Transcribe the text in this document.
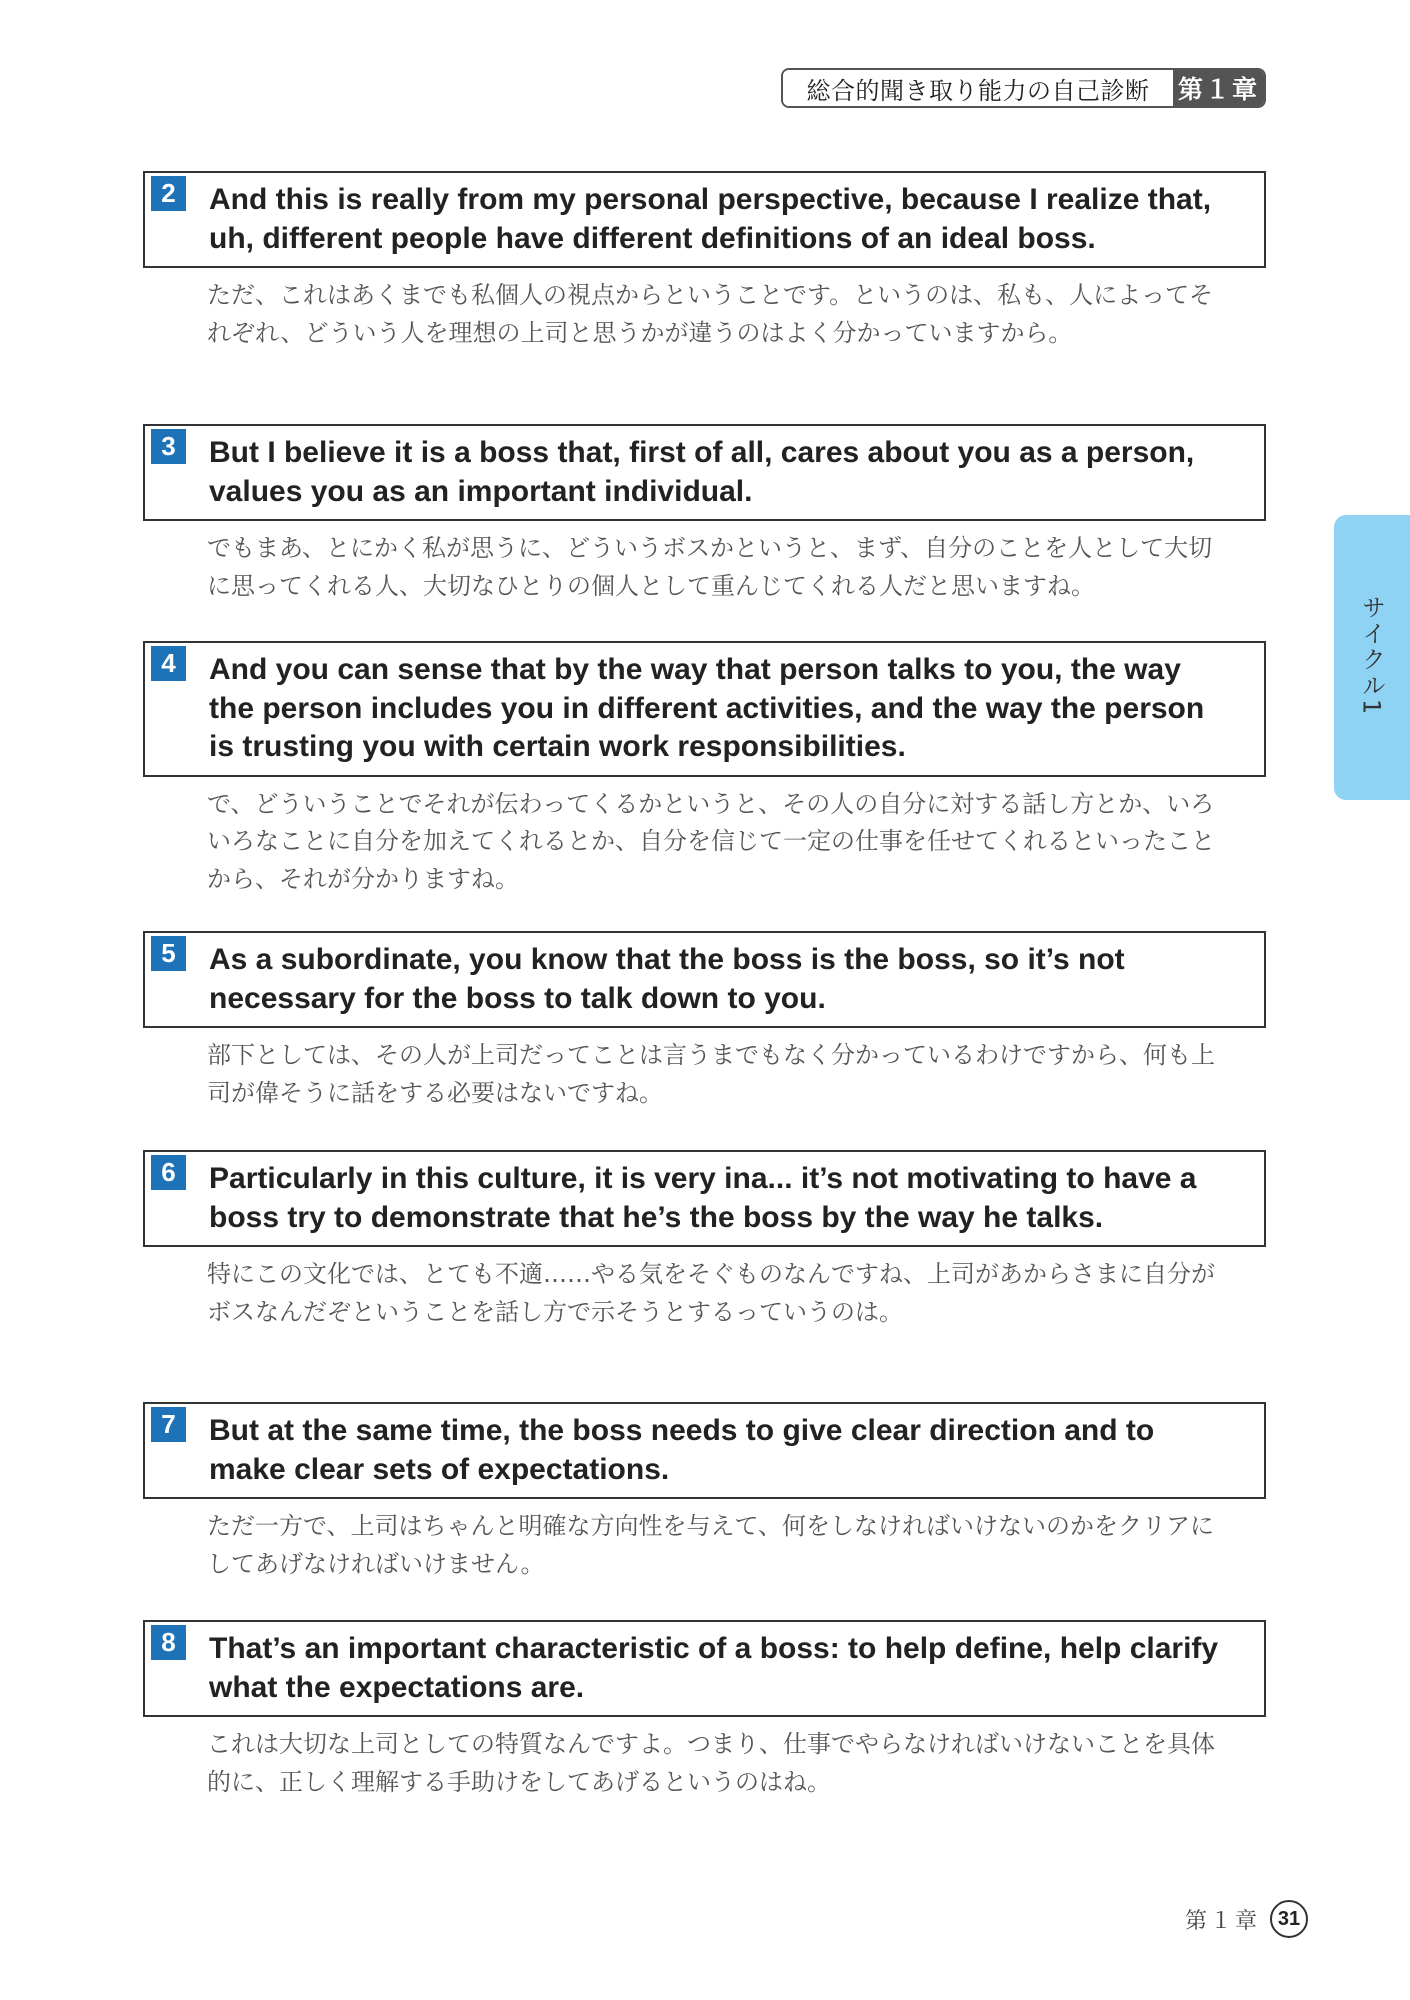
総合的聞き取り能力の自己診断	第１章
サイクル1
2	And this is really from my personal perspective, because I realize that, uh, different people have different definitions of an ideal boss.
ただ、これはあくまでも私個人の視点からということです。というのは、私も、人によってそれぞれ、どういう人を理想の上司と思うかが違うのはよく分かっていますから。
3	But I believe it is a boss that, first of all, cares about you as a person, values you as an important individual.
でもまあ、とにかく私が思うに、どういうボスかというと、まず、自分のことを人として大切に思ってくれる人、大切なひとりの個人として重んじてくれる人だと思いますね。
4	And you can sense that by the way that person talks to you, the way the person includes you in different activities, and the way the person is trusting you with certain work responsibilities.
で、どういうことでそれが伝わってくるかというと、その人の自分に対する話し方とか、いろいろなことに自分を加えてくれるとか、自分を信じて一定の仕事を任せてくれるといったことから、それが分かりますね。
5	As a subordinate, you know that the boss is the boss, so it’s not necessary for the boss to talk down to you.
部下としては、その人が上司だってことは言うまでもなく分かっているわけですから、何も上司が偉そうに話をする必要はないですね。
6	Particularly in this culture, it is very ina... it’s not motivating to have a boss try to demonstrate that he’s the boss by the way he talks.
特にこの文化では、とても不適……やる気をそぐものなんですね、上司があからさまに自分がボスなんだぞということを話し方で示そうとするっていうのは。
7	But at the same time, the boss needs to give clear direction and to make clear sets of expectations.
ただ一方で、上司はちゃんと明確な方向性を与えて、何をしなければいけないのかをクリアにしてあげなければいけません。
8	That’s an important characteristic of a boss: to help define, help clarify what the expectations are.
これは大切な上司としての特質なんですよ。つまり、仕事でやらなければいけないことを具体的に、正しく理解する手助けをしてあげるというのはね。
第１章 31
